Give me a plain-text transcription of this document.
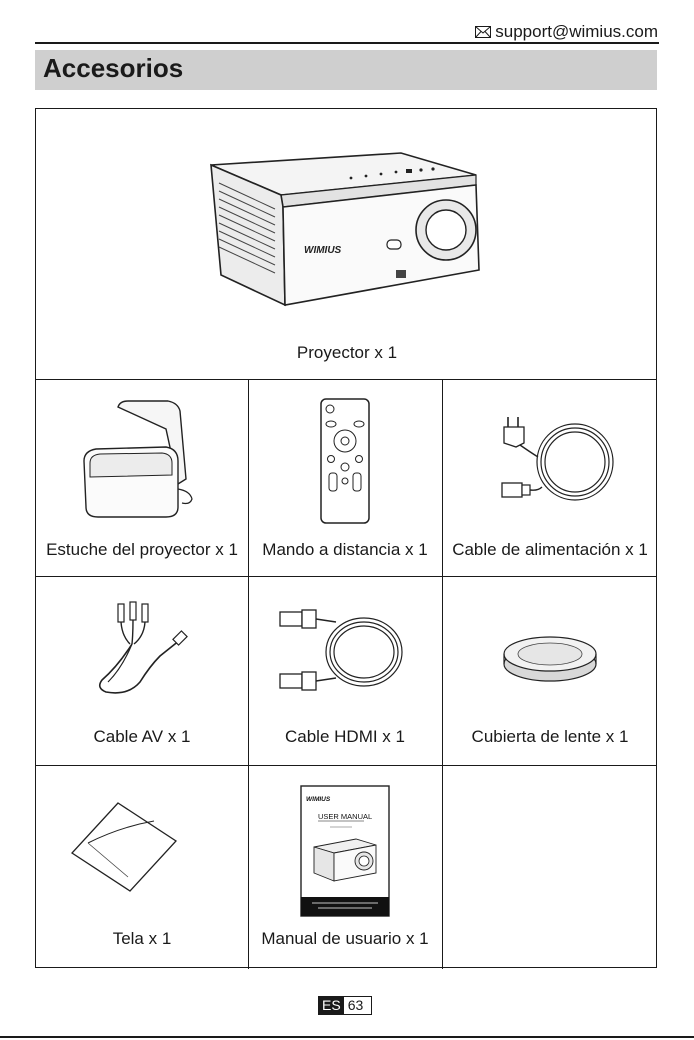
support@wimius.com
Accesorios
WIMIUS
Proyector x 1
Estuche del proyector x 1	Mando a distancia x 1	Cable de alimentación x 1
Cable AV x 1	Cable HDMI x 1	Cubierta de lente x 1
Tela x 1
WIMIUS
USER MANUAL
Manual de usuario x 1
ES 63
